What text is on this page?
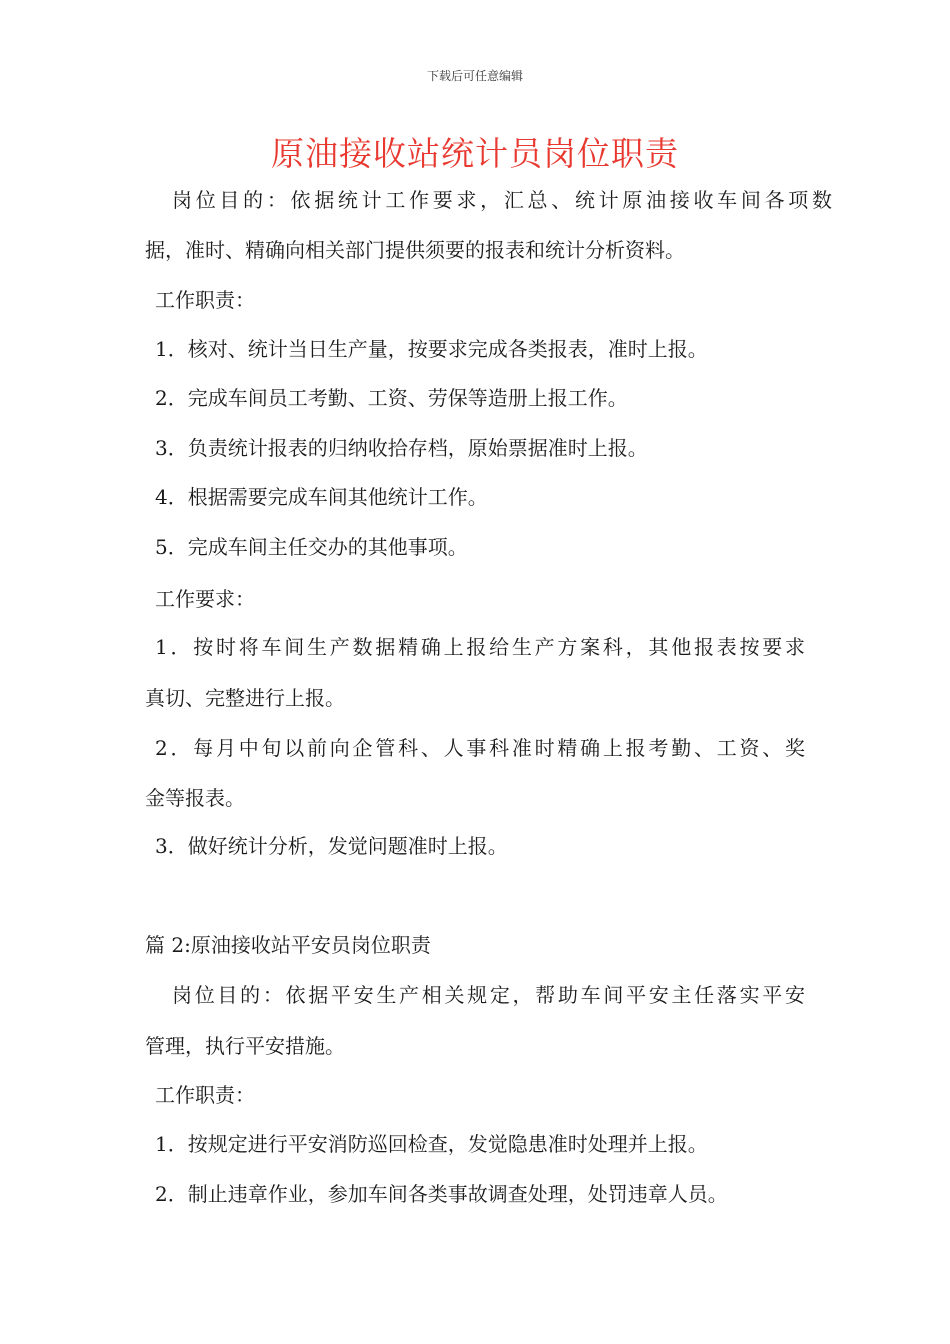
下载后可任意编辑
原油接收站统计员岗位职责
岗位目的：依据统计工作要求，汇总、统计原油接收车间各项数
据，准时、精确向相关部门提供须要的报表和统计分析资料。
工作职责：
1．核对、统计当日生产量，按要求完成各类报表，准时上报。
2．完成车间员工考勤、工资、劳保等造册上报工作。
3．负责统计报表的归纳收拾存档，原始票据准时上报。
4．根据需要完成车间其他统计工作。
5．完成车间主任交办的其他事项。
工作要求：
1．按时将车间生产数据精确上报给生产方案科，其他报表按要求
真切、完整进行上报。
2．每月中旬以前向企管科、人事科准时精确上报考勤、工资、奖
金等报表。
3．做好统计分析，发觉问题准时上报。
篇 2:原油接收站平安员岗位职责
岗位目的：依据平安生产相关规定，帮助车间平安主任落实平安
管理，执行平安措施。
工作职责：
1．按规定进行平安消防巡回检查，发觉隐患准时处理并上报。
2．制止违章作业，参加车间各类事故调查处理，处罚违章人员。
